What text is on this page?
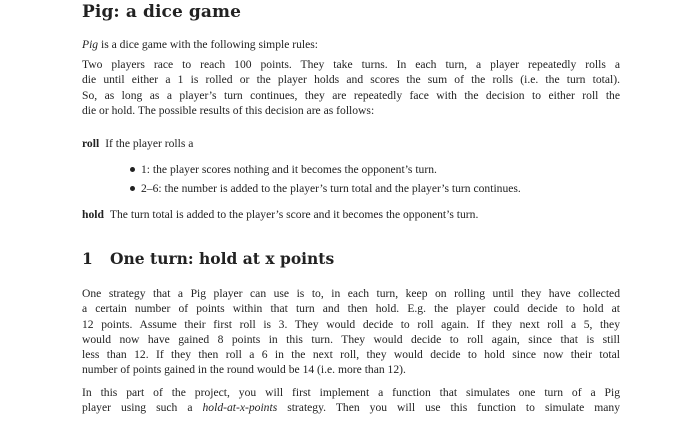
Pig: a dice game
Pig is a dice game with the following simple rules:
Two players race to reach 100 points. They take turns. In each turn, a player repeatedly rolls a
die until either a 1 is rolled or the player holds and scores the sum of the rolls (i.e. the turn total).
So, as long as a player’s turn continues, they are repeatedly face with the decision to either roll the
die or hold. The possible results of this decision are as follows:
roll If the player rolls a
1: the player scores nothing and it becomes the opponent’s turn.
2–6: the number is added to the player’s turn total and the player’s turn continues.
hold The turn total is added to the player’s score and it becomes the opponent’s turn.
1 One turn: hold at x points
One strategy that a Pig player can use is to, in each turn, keep on rolling until they have collected
a certain number of points within that turn and then hold. E.g. the player could decide to hold at
12 points. Assume their first roll is 3. They would decide to roll again. If they next roll a 5, they
would now have gained 8 points in this turn. They would decide to roll again, since that is still
less than 12. If they then roll a 6 in the next roll, they would decide to hold since now their total
number of points gained in the round would be 14 (i.e. more than 12).
In this part of the project, you will first implement a function that simulates one turn of a Pig
player using such a hold-at-x-points strategy. Then you will use this function to simulate many
